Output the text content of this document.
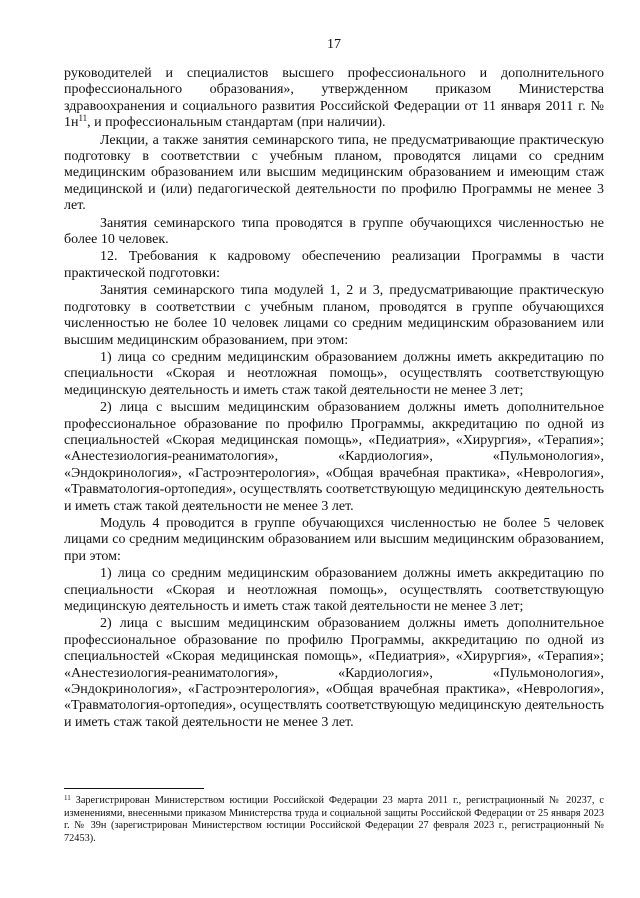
17

руководителей и специалистов высшего профессионального и дополнительного профессионального образования», утвержденном приказом Министерства здравоохранения и социального развития Российской Федерации от 11 января 2011 г. № $1н^{11}$, и профессиональным стандартам (при наличии).

Лекции, а также занятия семинарского типа, не предусматривающие практическую подготовку в соответствии с учебным планом, проводятся лицами со средним медицинским образованием или высшим медицинским образованием и имеющим стаж медицинской и (или) педагогической деятельности по профилю Программы не менее 3 лет.

Занятия семинарского типа проводятся в группе обучающихся численностью не более 10 человек.

12. Требования к кадровому обеспечению реализации Программы в части практической подготовки:

Занятия семинарского типа модулей 1, 2 и 3, предусматривающие практическую подготовку в соответствии с учебным планом, проводятся в группе обучающихся численностью не более 10 человек лицами со средним медицинским образованием или высшим медицинским образованием, при этом:

1) лица со средним медицинским образованием должны иметь аккредитацию по специальности «Скорая и неотложная помощь», осуществлять соответствующую медицинскую деятельность и иметь стаж такой деятельности не менее 3 лет;

2) лица с высшим медицинским образованием должны иметь дополнительное профессиональное образование по профилю Программы, аккредитацию по одной из специальностей «Скорая медицинская помощь», «Педиатрия», «Хирургия», «Терапия»; «Анестезиология-реаниматология», «Кардиология», «Пульмонология», «Эндокринология», «Гастроэнтерология», «Общая врачебная практика», «Неврология», «Травматология-ортопедия», осуществлять соответствующую медицинскую деятельность и иметь стаж такой деятельности не менее 3 лет.

Модуль 4 проводится в группе обучающихся численностью не более 5 человек лицами со средним медицинским образованием или высшим медицинским образованием, при этом:

1) лица со средним медицинским образованием должны иметь аккредитацию по специальности «Скорая и неотложная помощь», осуществлять соответствующую медицинскую деятельность и иметь стаж такой деятельности не менее 3 лет;

2) лица с высшим медицинским образованием должны иметь дополнительное профессиональное образование по профилю Программы, аккредитацию по одной из специальностей «Скорая медицинская помощь», «Педиатрия», «Хирургия», «Терапия»; «Анестезиология-реаниматология», «Кардиология», «Пульмонология», «Эндокринология», «Гастроэнтерология», «Общая врачебная практика», «Неврология», «Травматология-ортопедия», осуществлять соответствующую медицинскую деятельность и иметь стаж такой деятельности не менее 3 лет.

$^{11}$ Зарегистрирован Министерством юстиции Российской Федерации 23 марта 2011 г., регистрационный № 20237, с изменениями, внесенными приказом Министерства труда и социальной защиты Российской Федерации от 25 января 2023 г. № 39н (зарегистрирован Министерством юстиции Российской Федерации 27 февраля 2023 г., регистрационный № 72453).
